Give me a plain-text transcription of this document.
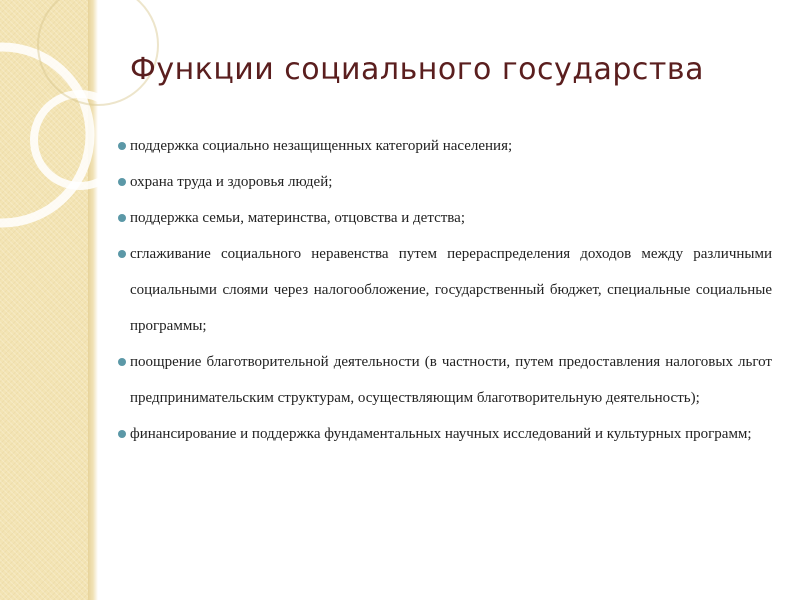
Функции социального государства
поддержка социально незащищенных категорий населения;
охрана труда и здоровья людей;
поддержка семьи, материнства, отцовства и детства;
сглаживание социального неравенства путем перераспределения доходов между различными социальными слоями через налогообложение, государственный бюджет, специальные социальные программы;
поощрение благотворительной деятельности (в частности, путем предоставления налоговых льгот предпринимательским структурам, осуществляющим благотворительную деятельность);
финансирование и поддержка фундаментальных научных исследований и культурных программ;
